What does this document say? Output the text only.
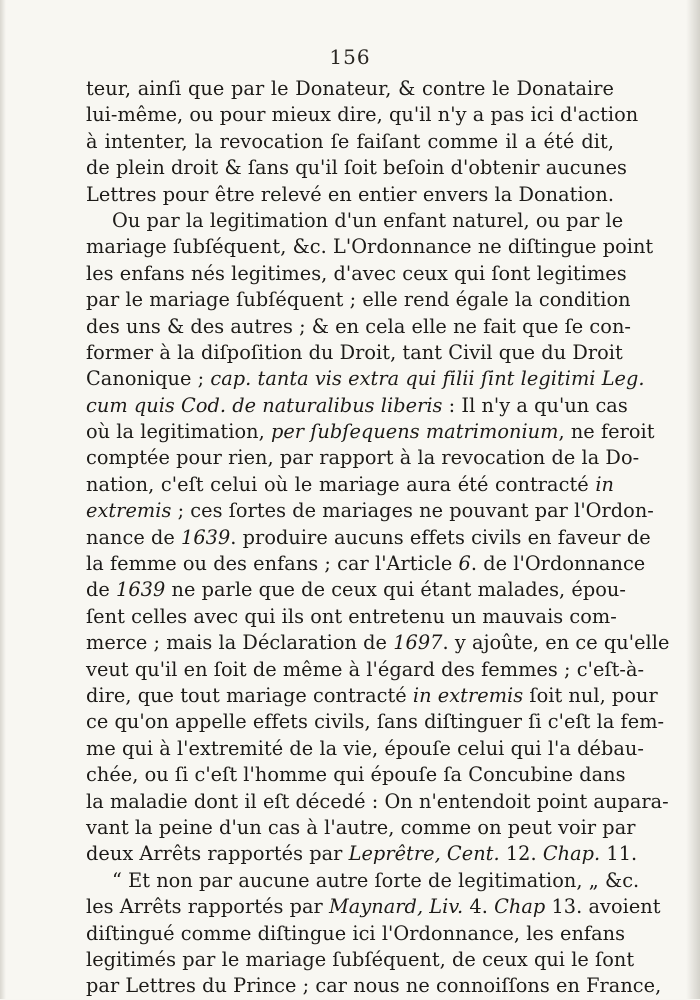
156
teur, ainſi que par le Donateur, & contre le Donataire
lui-même, ou pour mieux dire, qu'il n'y a pas ici d'action
à intenter, la revocation ſe faiſant comme il a été dit,
de plein droit & ſans qu'il ſoit beſoin d'obtenir aucunes
Lettres pour être relevé en entier envers la Donation.
Ou par la legitimation d'un enfant naturel, ou par le
mariage ſubſéquent, &c. L'Ordonnance ne diſtingue point
les enfans nés legitimes, d'avec ceux qui ſont legitimes
par le mariage ſubſéquent ; elle rend égale la condition
des uns & des autres ; & en cela elle ne fait que ſe con-
former à la diſpoſition du Droit, tant Civil que du Droit
Canonique ; cap. tanta vis extra qui filii ſint legitimi Leg.
cum quis Cod. de naturalibus liberis : Il n'y a qu'un cas
où la legitimation, per ſubſequens matrimonium, ne feroit
comptée pour rien, par rapport à la revocation de la Do-
nation, c'eſt celui où le mariage aura été contracté in
extremis ; ces ſortes de mariages ne pouvant par l'Ordon-
nance de 1639. produire aucuns effets civils en faveur de
la femme ou des enfans ; car l'Article 6. de l'Ordonnance
de 1639 ne parle que de ceux qui étant malades, épou-
ſent celles avec qui ils ont entretenu un mauvais com-
merce ; mais la Déclaration de 1697. y ajoûte, en ce qu'elle
veut qu'il en ſoit de même à l'égard des femmes ; c'eſt-à-
dire, que tout mariage contracté in extremis ſoit nul, pour
ce qu'on appelle effets civils, ſans diſtinguer ſi c'eſt la fem-
me qui à l'extremité de la vie, épouſe celui qui l'a débau-
chée, ou ſi c'eſt l'homme qui épouſe ſa Concubine dans
la maladie dont il eſt décedé : On n'entendoit point aupara-
vant la peine d'un cas à l'autre, comme on peut voir par
deux Arrêts rapportés par Leprêtre, Cent. 12. Chap. 11.
“ Et non par aucune autre ſorte de legitimation, „ &c.
les Arrêts rapportés par Maynard, Liv. 4. Chap 13. avoient
diſtingué comme diſtingue ici l'Ordonnance, les enfans
legitimés par le mariage ſubſéquent, de ceux qui le ſont
par Lettres du Prince ; car nous ne connoiſſons en France,
